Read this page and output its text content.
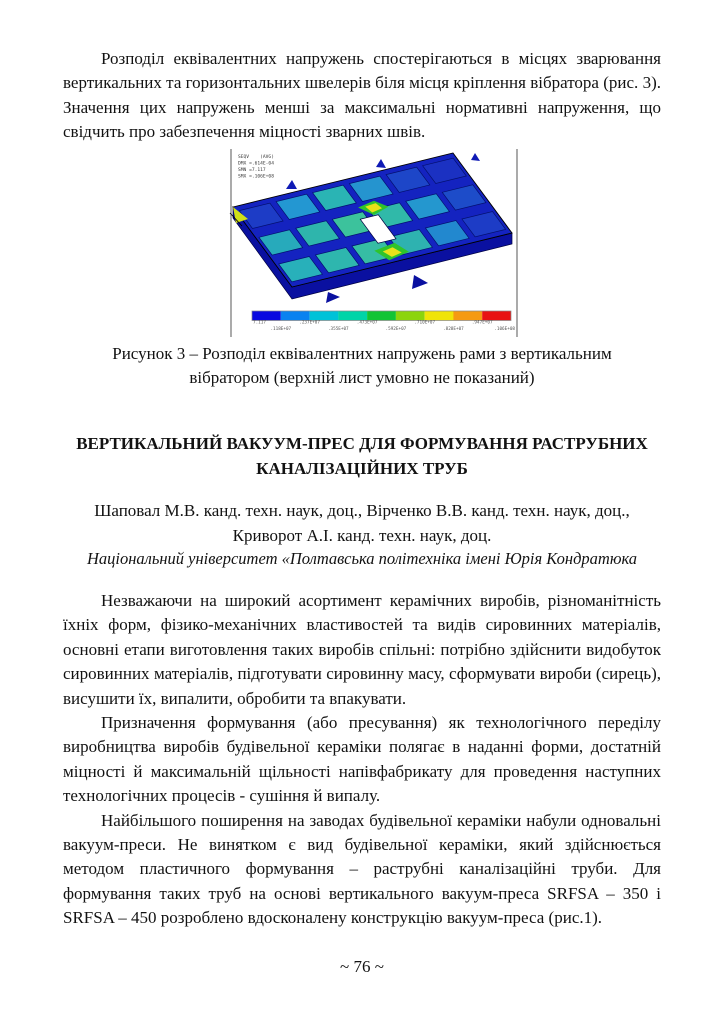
Розподіл еквівалентних напружень спостерігаються в місцях зварювання вертикальних та горизонтальних швелерів біля місця кріплення вібратора (рис. 3). Значення цих напружень менші за максимальні нормативні напруження, що свідчить про забезпечення міцності зварних швів.

SEQV    (AVG)
DMX =.614E-04
SMN =7.117
SMX =.106E+08
7.117
.118E+07
.237E+07
.355E+07
.473E+07
.592E+07
.710E+07
.828E+07
.947E+07
.106E+08
Рисунок 3 – Розподіл еквівалентних напружень рами з вертикальним
вібратором (верхній лист умовно не показаний)
ВЕРТИКАЛЬНИЙ ВАКУУМ-ПРЕС ДЛЯ ФОРМУВАННЯ РАСТРУБНИХ КАНАЛІЗАЦІЙНИХ ТРУБ
Шаповал М.В. канд. техн. наук, доц., Вірченко В.В. канд. техн. наук, доц., Криворот А.І. канд. техн. наук, доц.
Національний університет «Полтавська політехніка імені Юрія Кондратюка

Незважаючи на широкий асортимент керамічних виробів, різноманітність їхніх форм, фізико-механічних властивостей та видів сировинних матеріалів, основні етапи виготовлення таких виробів спільні: потрібно здійснити видобуток сировинних матеріалів, підготувати сировинну масу, сформувати вироби (сирець), висушити їх, випалити, обробити та впакувати.

Призначення формування (або пресування) як технологічного переділу виробництва виробів будівельної кераміки полягає в наданні форми, достатній міцності й максимальній щільності напівфабрикату для проведення наступних технологічних процесів - сушіння й випалу.

Найбільшого поширення на заводах будівельної кераміки набули одновальні вакуум-преси. Не винятком є вид будівельної кераміки, який здійснюється методом пластичного формування – раструбні каналізаційні труби. Для формування таких труб на основі вертикального вакуум-преса SRFSA – 350 і SRFSA – 450 розроблено вдосконалену конструкцію вакуум-преса (рис.1).

~ 76 ~
